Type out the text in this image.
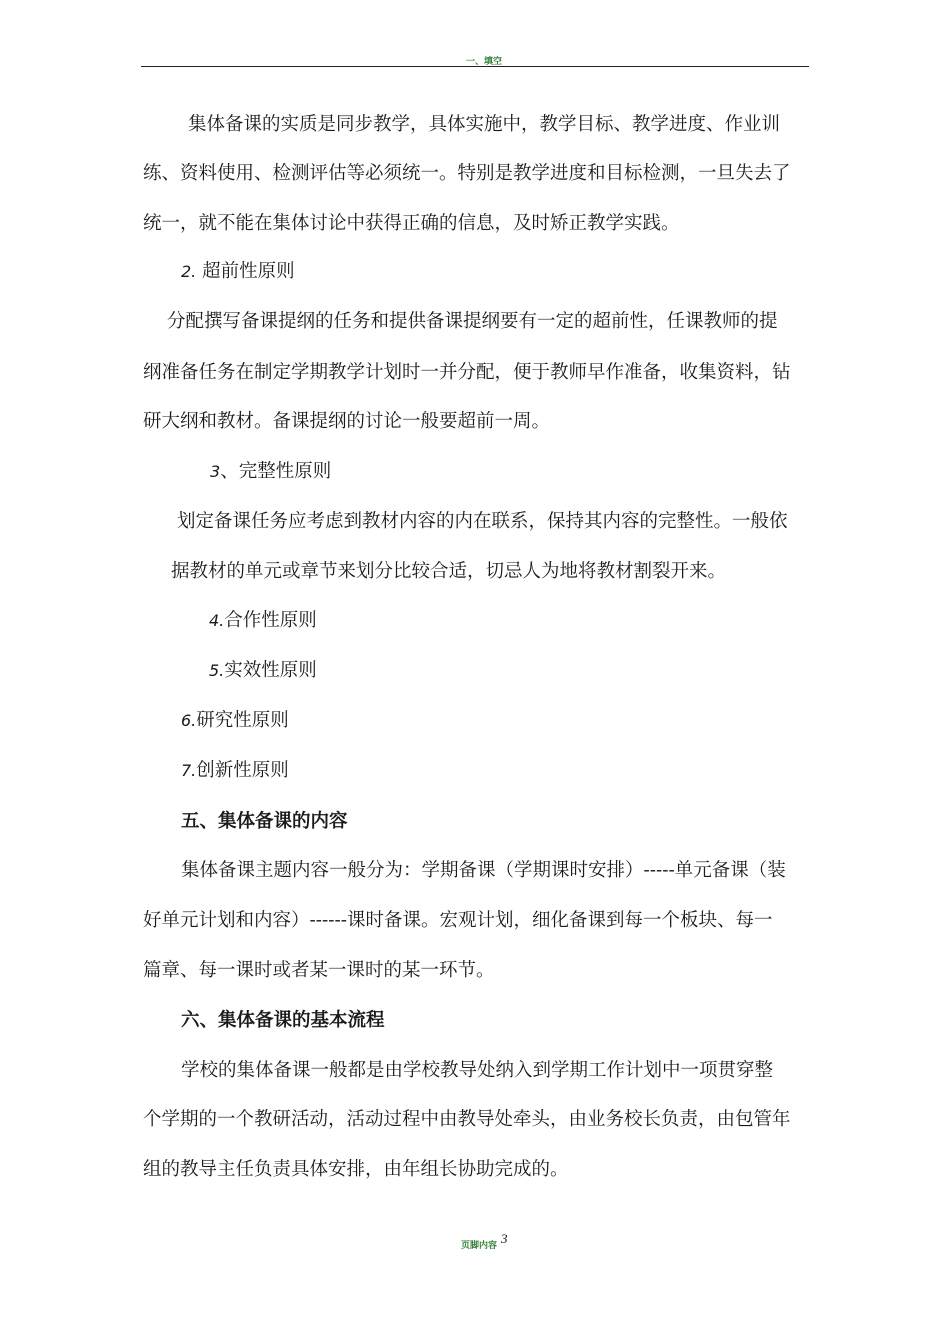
一、填空
集体备课的实质是同步教学，具体实施中，教学目标、教学进度、作业训
练、资料使用、检测评估等必须统一。特别是教学进度和目标检测，一旦失去了
统一，就不能在集体讨论中获得正确的信息，及时矫正教学实践。
2. 超前性原则
分配撰写备课提纲的任务和提供备课提纲要有一定的超前性，任课教师的提
纲准备任务在制定学期教学计划时一并分配，便于教师早作准备，收集资料，钻
研大纲和教材。备课提纲的讨论一般要超前一周。
3、完整性原则
划定备课任务应考虑到教材内容的内在联系，保持其内容的完整性。一般依
据教材的单元或章节来划分比较合适，切忌人为地将教材割裂开来。
4.合作性原则
5.实效性原则
6.研究性原则
7.创新性原则
五、集体备课的内容
集体备课主题内容一般分为：学期备课（学期课时安排）-----单元备课（装
好单元计划和内容）------课时备课。宏观计划，细化备课到每一个板块、每一
篇章、每一课时或者某一课时的某一环节。
六、集体备课的基本流程
学校的集体备课一般都是由学校教导处纳入到学期工作计划中一项贯穿整
个学期的一个教研活动，活动过程中由教导处牵头，由业务校长负责，由包管年
组的教导主任负责具体安排，由年组长协助完成的。
页脚内容 3
